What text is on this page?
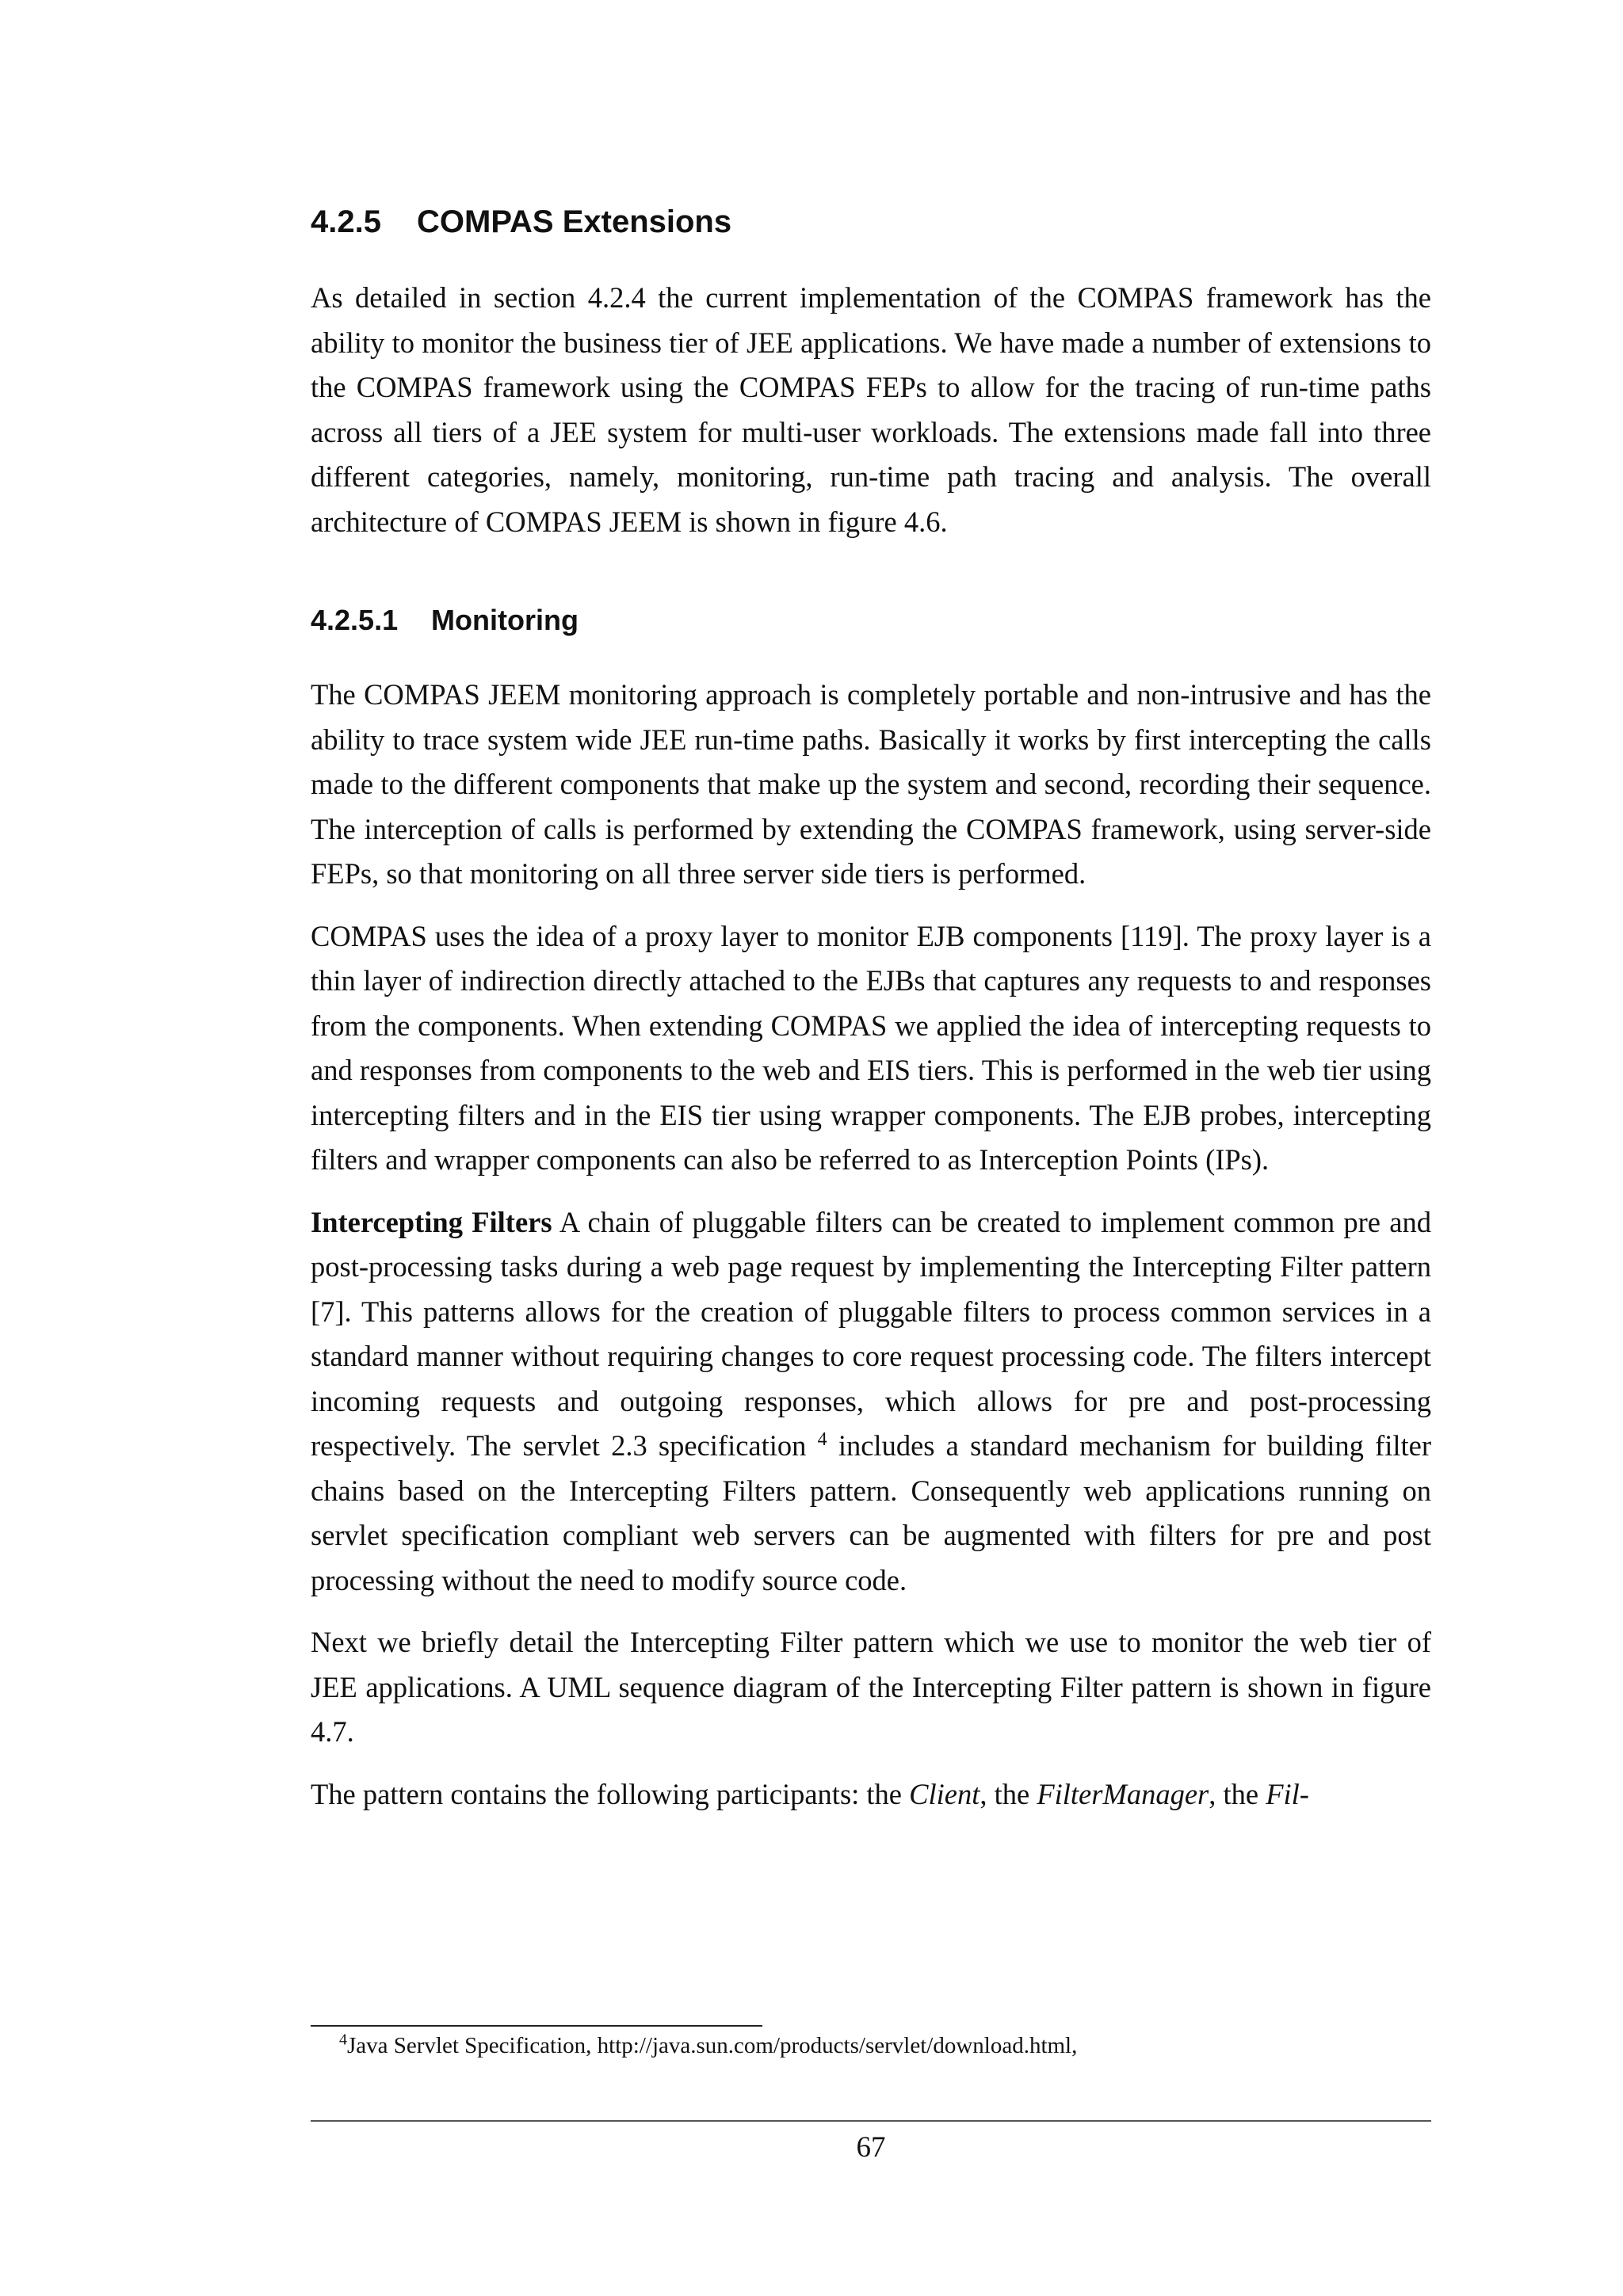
4.2.5 COMPAS Extensions

As detailed in section 4.2.4 the current implementation of the COMPAS framework has the ability to monitor the business tier of JEE applications. We have made a number of extensions to the COMPAS framework using the COMPAS FEPs to allow for the tracing of run-time paths across all tiers of a JEE system for multi-user workloads. The extensions made fall into three different categories, namely, monitoring, run-time path tracing and analysis. The overall architecture of COMPAS JEEM is shown in figure 4.6.

4.2.5.1 Monitoring

The COMPAS JEEM monitoring approach is completely portable and non-intrusive and has the ability to trace system wide JEE run-time paths. Basically it works by first intercepting the calls made to the different components that make up the system and second, recording their sequence. The interception of calls is performed by extending the COMPAS framework, using server-side FEPs, so that monitoring on all three server side tiers is performed.

COMPAS uses the idea of a proxy layer to monitor EJB components [119]. The proxy layer is a thin layer of indirection directly attached to the EJBs that captures any requests to and responses from the components. When extending COMPAS we applied the idea of intercepting requests to and responses from components to the web and EIS tiers. This is performed in the web tier using intercepting filters and in the EIS tier using wrapper components. The EJB probes, intercepting filters and wrapper components can also be referred to as Interception Points (IPs).

Intercepting Filters A chain of pluggable filters can be created to implement common pre and post-processing tasks during a web page request by implementing the Intercepting Filter pattern [7]. This patterns allows for the creation of pluggable filters to process common services in a standard manner without requiring changes to core request processing code. The filters intercept incoming requests and outgoing responses, which allows for pre and post-processing respectively. The servlet 2.3 specification $^4$ includes a standard mechanism for building filter chains based on the Intercepting Filters pattern. Consequently web applications running on servlet specification compliant web servers can be augmented with filters for pre and post processing without the need to modify source code.

Next we briefly detail the Intercepting Filter pattern which we use to monitor the web tier of JEE applications. A UML sequence diagram of the Intercepting Filter pattern is shown in figure 4.7.

The pattern contains the following participants: the Client, the FilterManager, the Fil-

$^4$Java Servlet Specification, http://java.sun.com/products/servlet/download.html,
67
